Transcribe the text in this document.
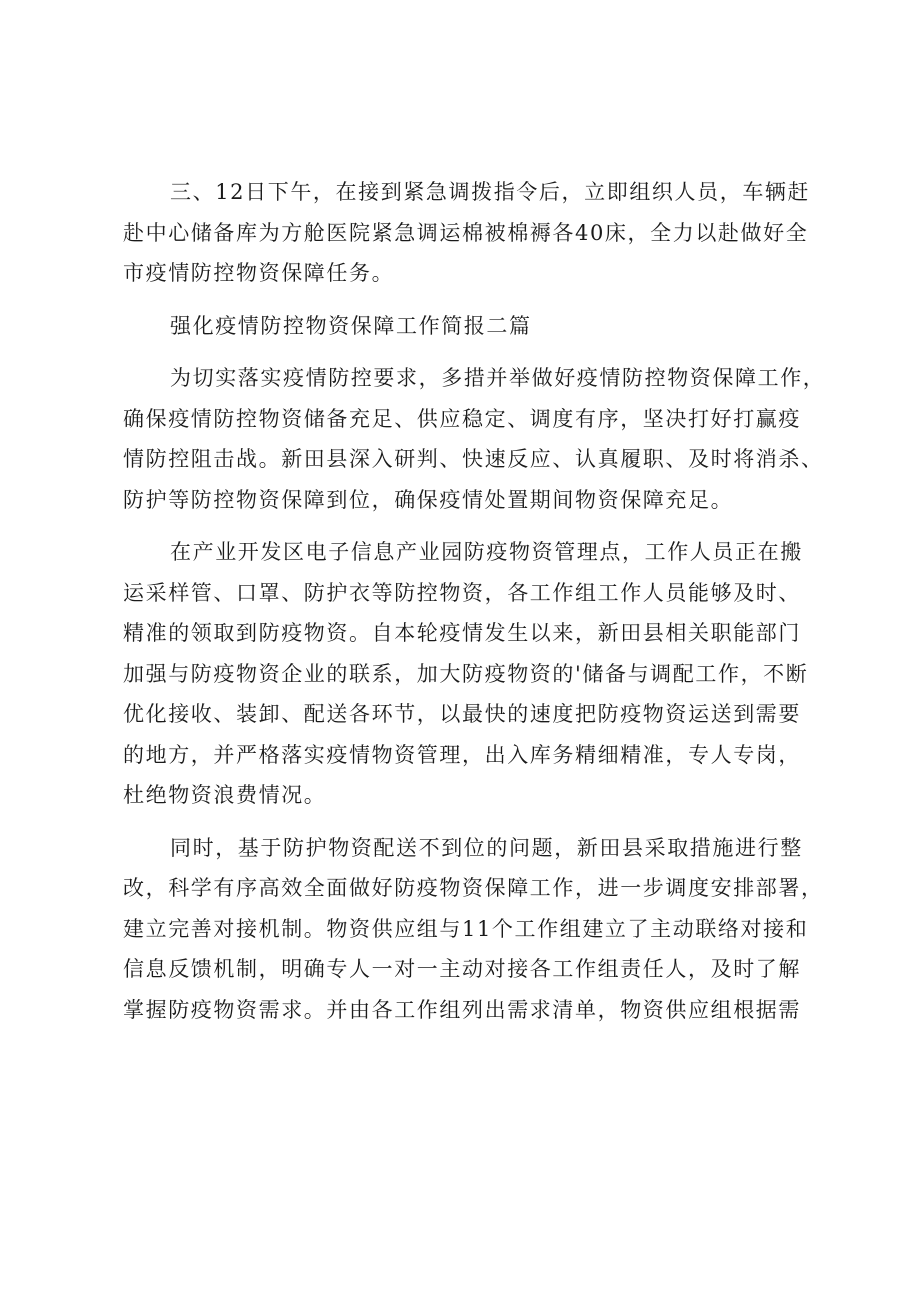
三、12日下午，在接到紧急调拨指令后，立即组织人员，车辆赶
赴中心储备库为方舱医院紧急调运棉被棉褥各40床，全力以赴做好全
市疫情防控物资保障任务。
强化疫情防控物资保障工作简报二篇
为切实落实疫情防控要求，多措并举做好疫情防控物资保障工作，
确保疫情防控物资储备充足、供应稳定、调度有序，坚决打好打赢疫
情防控阻击战。新田县深入研判、快速反应、认真履职、及时将消杀、
防护等防控物资保障到位，确保疫情处置期间物资保障充足。
在产业开发区电子信息产业园防疫物资管理点，工作人员正在搬
运采样管、口罩、防护衣等防控物资，各工作组工作人员能够及时、
精准的领取到防疫物资。自本轮疫情发生以来，新田县相关职能部门
加强与防疫物资企业的联系，加大防疫物资的'储备与调配工作，不断
优化接收、装卸、配送各环节，以最快的速度把防疫物资运送到需要
的地方，并严格落实疫情物资管理，出入库务精细精准，专人专岗，
杜绝物资浪费情况。
同时，基于防护物资配送不到位的问题，新田县采取措施进行整
改，科学有序高效全面做好防疫物资保障工作，进一步调度安排部署，
建立完善对接机制。物资供应组与11个工作组建立了主动联络对接和
信息反馈机制，明确专人一对一主动对接各工作组责任人，及时了解
掌握防疫物资需求。并由各工作组列出需求清单，物资供应组根据需
